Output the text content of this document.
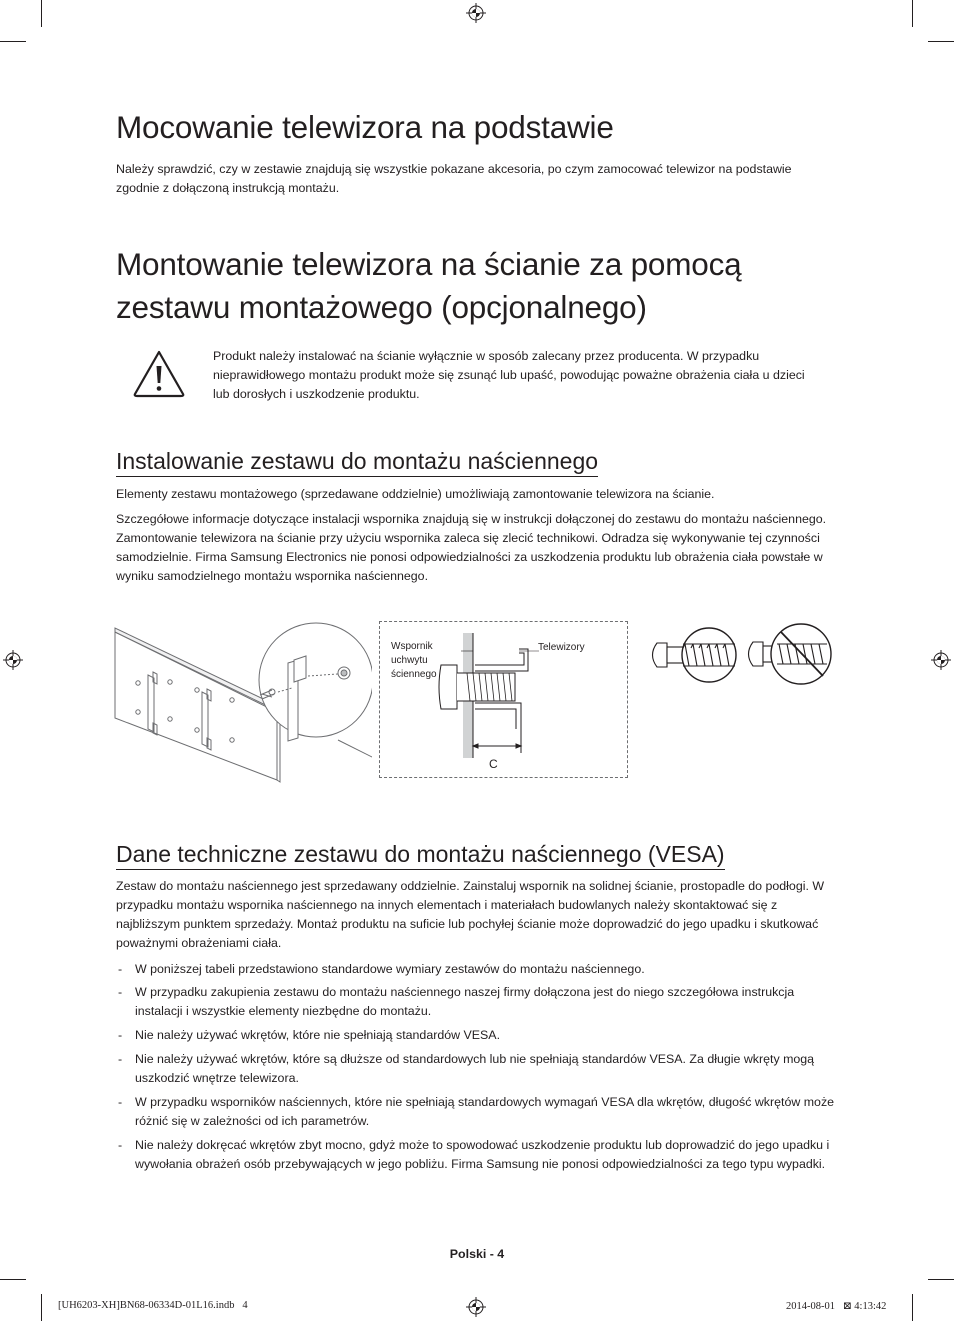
Mocowanie telewizora na podstawie

Należy sprawdzić, czy w zestawie znajdują się wszystkie pokazane akcesoria, po czym zamocować telewizor na podstawie zgodnie z dołączoną instrukcją montażu.

Montowanie telewizora na ścianie za pomocą
zestawu montażowego (opcjonalnego)

Produkt należy instalować na ścianie wyłącznie w sposób zalecany przez producenta. W przypadku nieprawidłowego montażu produkt może się zsunąć lub upaść, powodując poważne obrażenia ciała u dzieci lub dorosłych i uszkodzenie produktu.

Instalowanie zestawu do montażu naściennego

Elementy zestawu montażowego (sprzedawane oddzielnie) umożliwiają zamontowanie telewizora na ścianie.

Szczegółowe informacje dotyczące instalacji wspornika znajdują się w instrukcji dołączonej do zestawu do montażu naściennego. Zamontowanie telewizora na ścianie przy użyciu wspornika zaleca się zlecić technikowi. Odradza się wykonywanie tej czynności samodzielnie. Firma Samsung Electronics nie ponosi odpowiedzialności za uszkodzenia produktu lub obrażenia ciała powstałe w wyniku samodzielnego montażu wspornika naściennego.

Wspornik
uchwytu
ściennego
Telewizory
C
Dane techniczne zestawu do montażu naściennego (VESA)

Zestaw do montażu naściennego jest sprzedawany oddzielnie. Zainstaluj wspornik na solidnej ścianie, prostopadle do podłogi. W przypadku montażu wspornika naściennego na innych elementach i materiałach budowlanych należy skontaktować się z najbliższym punktem sprzedaży. Montaż produktu na suficie lub pochyłej ścianie może doprowadzić do jego upadku i skutkować poważnymi obrażeniami ciała.

- W poniższej tabeli przedstawiono standardowe wymiary zestawów do montażu naściennego.
- W przypadku zakupienia zestawu do montażu naściennego naszej firmy dołączona jest do niego szczegółowa instrukcja instalacji i wszystkie elementy niezbędne do montażu.
- Nie należy używać wkrętów, które nie spełniają standardów VESA.
- Nie należy używać wkrętów, które są dłuższe od standardowych lub nie spełniają standardów VESA. Za długie wkręty mogą uszkodzić wnętrze telewizora.
- W przypadku wsporników naściennych, które nie spełniają standardowych wymagań VESA dla wkrętów, długość wkrętów może różnić się w zależności od ich parametrów.
- Nie należy dokręcać wkrętów zbyt mocno, gdyż może to spowodować uszkodzenie produktu lub doprowadzić do jego upadku i wywołania obrażeń osób przebywających w jego pobliżu. Firma Samsung nie ponosi odpowiedzialności za tego typu wypadki.
Polski - 4
[UH6203-XH]BN68-06334D-01L16.indb   4	2014-08-01   ⊠ 4:13:42
